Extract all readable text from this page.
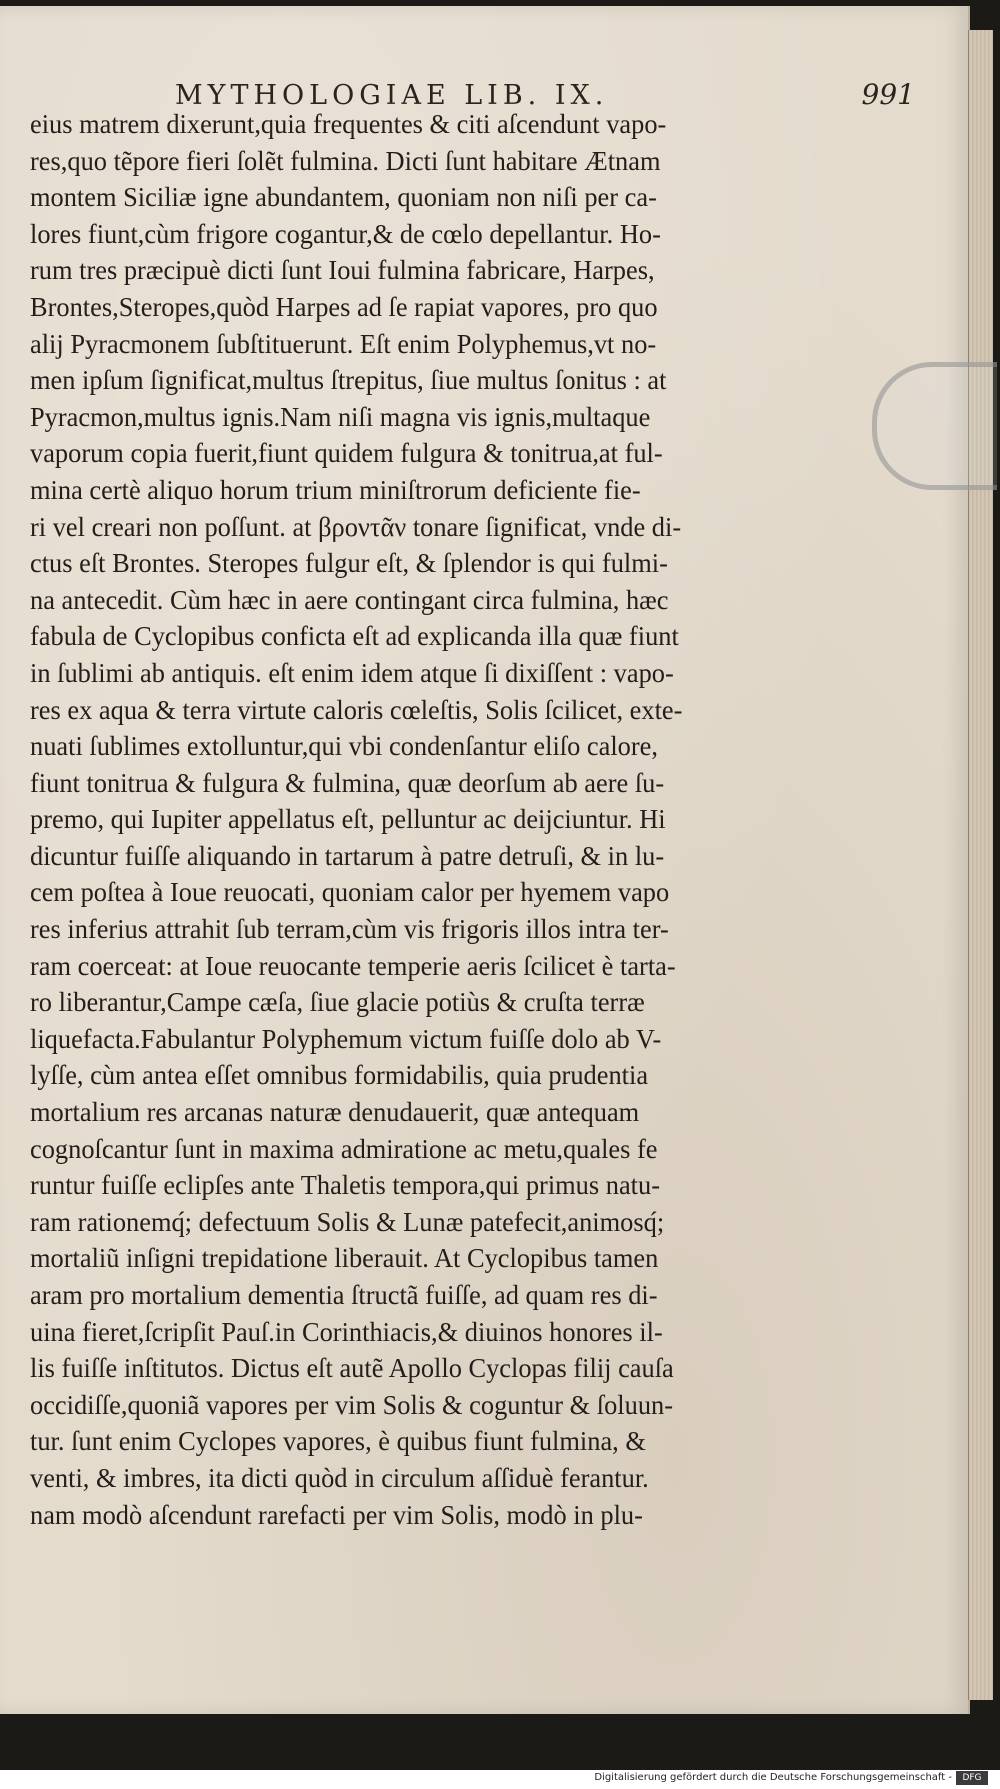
MYTHOLOGIAE LIB. IX.	991
eius matrem dixerunt,quia frequentes & citi aſcendunt vapo-
res,quo tẽpore fieri ſolẽt fulmina. Dicti ſunt habitare Ætnam
montem Siciliæ igne abundantem, quoniam non niſi per ca-
lores fiunt,cùm frigore cogantur,& de cœlo depellantur. Ho-
rum tres præcipuè dicti ſunt Ioui fulmina fabricare, Harpes,
Brontes,Steropes,quòd Harpes ad ſe rapiat vapores, pro quo
alij Pyracmonem ſubſtituerunt. Eſt enim Polyphemus,vt no-
men ipſum ſignificat,multus ſtrepitus, ſiue multus ſonitus : at
Pyracmon,multus ignis.Nam niſi magna vis ignis,multaque
vaporum copia fuerit,fiunt quidem fulgura & tonitrua,at ful-
mina certè aliquo horum trium miniſtrorum deficiente fie-
ri vel creari non poſſunt. at βροντᾶν tonare ſignificat, vnde di-
ctus eſt Brontes. Steropes fulgur eſt, & ſplendor is qui fulmi-
na antecedit. Cùm hæc in aere contingant circa fulmina, hæc
fabula de Cyclopibus conficta eſt ad explicanda illa quæ fiunt
in ſublimi ab antiquis. eſt enim idem atque ſi dixiſſent : vapo-
res ex aqua & terra virtute caloris cœleſtis, Solis ſcilicet, exte-
nuati ſublimes extolluntur,qui vbi condenſantur eliſo calore,
fiunt tonitrua & fulgura & fulmina, quæ deorſum ab aere ſu-
premo, qui Iupiter appellatus eſt, pelluntur ac deijciuntur. Hi
dicuntur fuiſſe aliquando in tartarum à patre detruſi, & in lu-
cem poſtea à Ioue reuocati, quoniam calor per hyemem vapo
res inferius attrahit ſub terram,cùm vis frigoris illos intra ter-
ram coerceat: at Ioue reuocante temperie aeris ſcilicet è tarta-
ro liberantur,Campe cæſa, ſiue glacie potiùs & cruſta terræ
liquefacta.Fabulantur Polyphemum victum fuiſſe dolo ab V-
lyſſe, cùm antea eſſet omnibus formidabilis, quia prudentia
mortalium res arcanas naturæ denudauerit, quæ antequam
cognoſcantur ſunt in maxima admiratione ac metu,quales fe
runtur fuiſſe eclipſes ante Thaletis tempora,qui primus natu-
ram rationemq́; defectuum Solis & Lunæ patefecit,animosq́;
mortaliũ inſigni trepidatione liberauit. At Cyclopibus tamen
aram pro mortalium dementia ſtructã fuiſſe, ad quam res di-
uina fieret,ſcripſit Pauſ.in Corinthiacis,& diuinos honores il-
lis fuiſſe inſtitutos. Dictus eſt autẽ Apollo Cyclopas filij cauſa
occidiſſe,quoniã vapores per vim Solis & coguntur & ſoluun-
tur. ſunt enim Cyclopes vapores, è quibus fiunt fulmina, &
venti, & imbres, ita dicti quòd in circulum aſſiduè ferantur.
nam modò aſcendunt rarefacti per vim Solis, modò in plu-
Digitalisierung gefördert durch die Deutsche Forschungsgemeinschaft -	DFG
